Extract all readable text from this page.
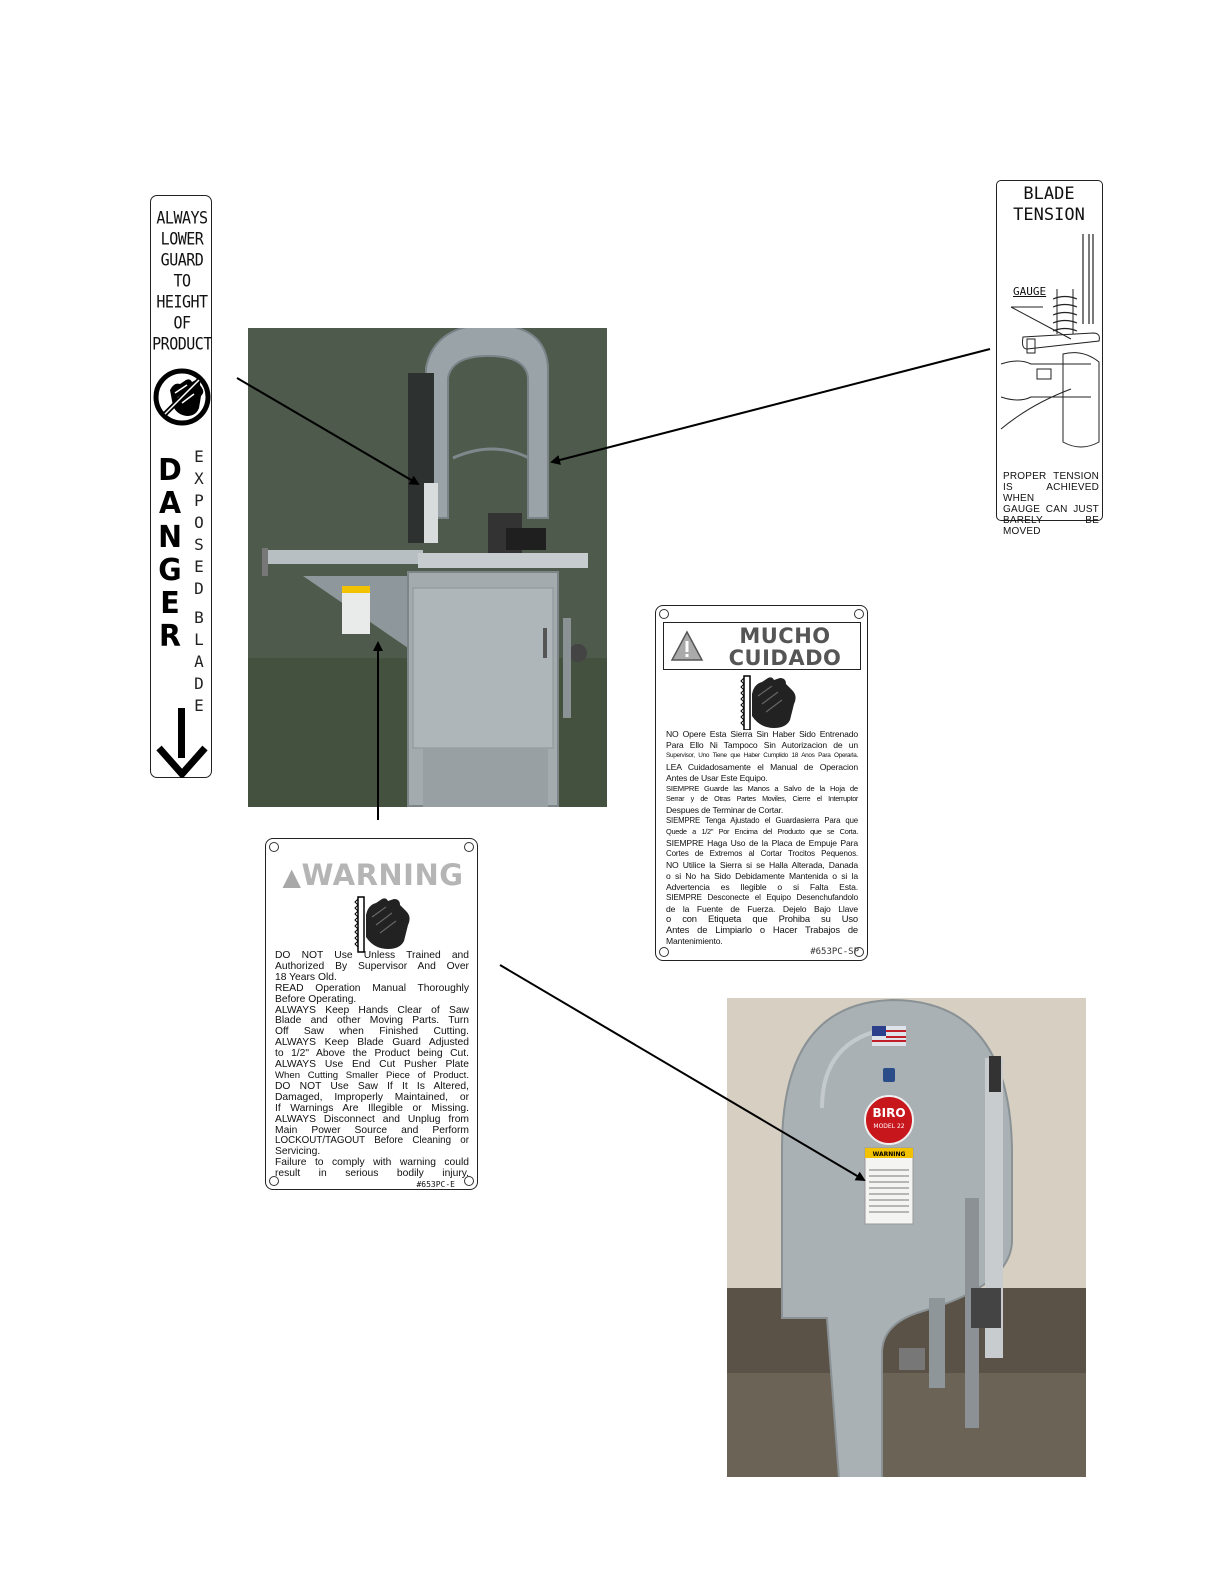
ALWAYS
LOWER
GUARD
TO
HEIGHT
OF
PRODUCT
D
A
N
G
E
R
E
X
P
O
S
E
D
B
L
A
D
E
BIRO
MODEL 22
WARNING
BLADE
TENSION
GAUGE
PROPER TENSION
IS ACHIEVED WHEN
GAUGE CAN JUST
BARELY BE MOVED
MUCHO
CUIDADO
NO Opere Esta Sierra Sin Haber Sido Entrenado
Para Ello Ni Tampoco Sin Autorizacion de un
Supervisor, Uno Tiene que Haber Cumplido 18 Anos Para Operarla.
LEA Cuidadosamente el Manual de Operacion
Antes de Usar Este Equipo.
SIEMPRE Guarde las Manos a Salvo de la Hoja de
Serrar y de Otras Partes Moviles, Cierre el Interruptor
Despues de Terminar de Cortar.
SIEMPRE Tenga Ajustado el Guardasierra Para que
Quede a 1/2" Por Encima del Producto que se Corta.
SIEMPRE Haga Uso de la Placa de Empuje Para
Cortes de Extremos al Cortar Trocitos Pequenos.
NO Utilice la Sierra si se Halla Alterada, Danada
o si No ha Sido Debidamente Mantenida o si la
Advertencia es Ilegible o si Falta Esta.
SIEMPRE Desconecte el Equipo Desenchufandolo
de la Fuente de Fuerza. Dejelo Bajo Llave
o con Etiqueta que Prohiba su Uso
Antes de Limpiarlo o Hacer Trabajos de
Mantenimiento.
#653PC-SP
▲WARNING
DO NOT Use Unless Trained and
Authorized By Supervisor And Over
18 Years Old.
READ Operation Manual Thoroughly
Before Operating.
ALWAYS Keep Hands Clear of Saw
Blade and other Moving Parts. Turn
Off Saw when Finished Cutting.
ALWAYS Keep Blade Guard Adjusted
to 1/2" Above the Product being Cut.
ALWAYS Use End Cut Pusher Plate
When Cutting Smaller Piece of Product.
DO NOT Use Saw If It Is Altered,
Damaged, Improperly Maintained, or
If Warnings Are Illegible or Missing.
ALWAYS Disconnect and Unplug from
Main Power Source and Perform
LOCKOUT/TAGOUT Before Cleaning or
Servicing.
Failure to comply with warning could
result in serious bodily injury.
#653PC-E
